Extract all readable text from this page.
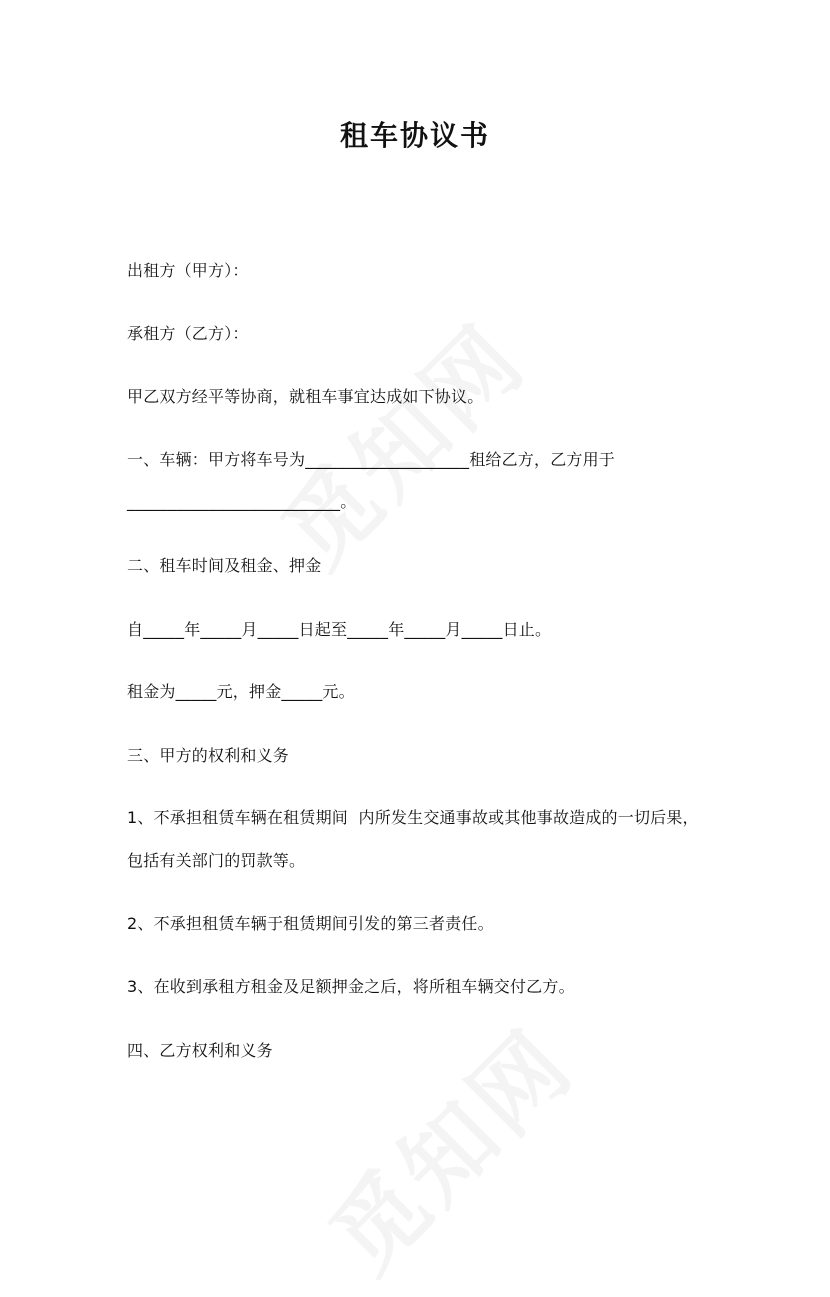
租车协议书
出租方（甲方）：
承租方（乙方）：
甲乙双方经平等协商，就租车事宜达成如下协议。
一、车辆：甲方将车号为____________________租给乙方，乙方用于
__________________________。
二、租车时间及租金、押金
自_____年_____月_____日起至_____年_____月_____日止。
租金为_____元，押金_____元。
三、甲方的权利和义务
1、不承担租赁车辆在租赁期间  内所发生交通事故或其他事故造成的一切后果，
包括有关部门的罚款等。
2、不承担租赁车辆于租赁期间引发的第三者责任。
3、在收到承租方租金及足额押金之后，将所租车辆交付乙方。
四、乙方权利和义务
